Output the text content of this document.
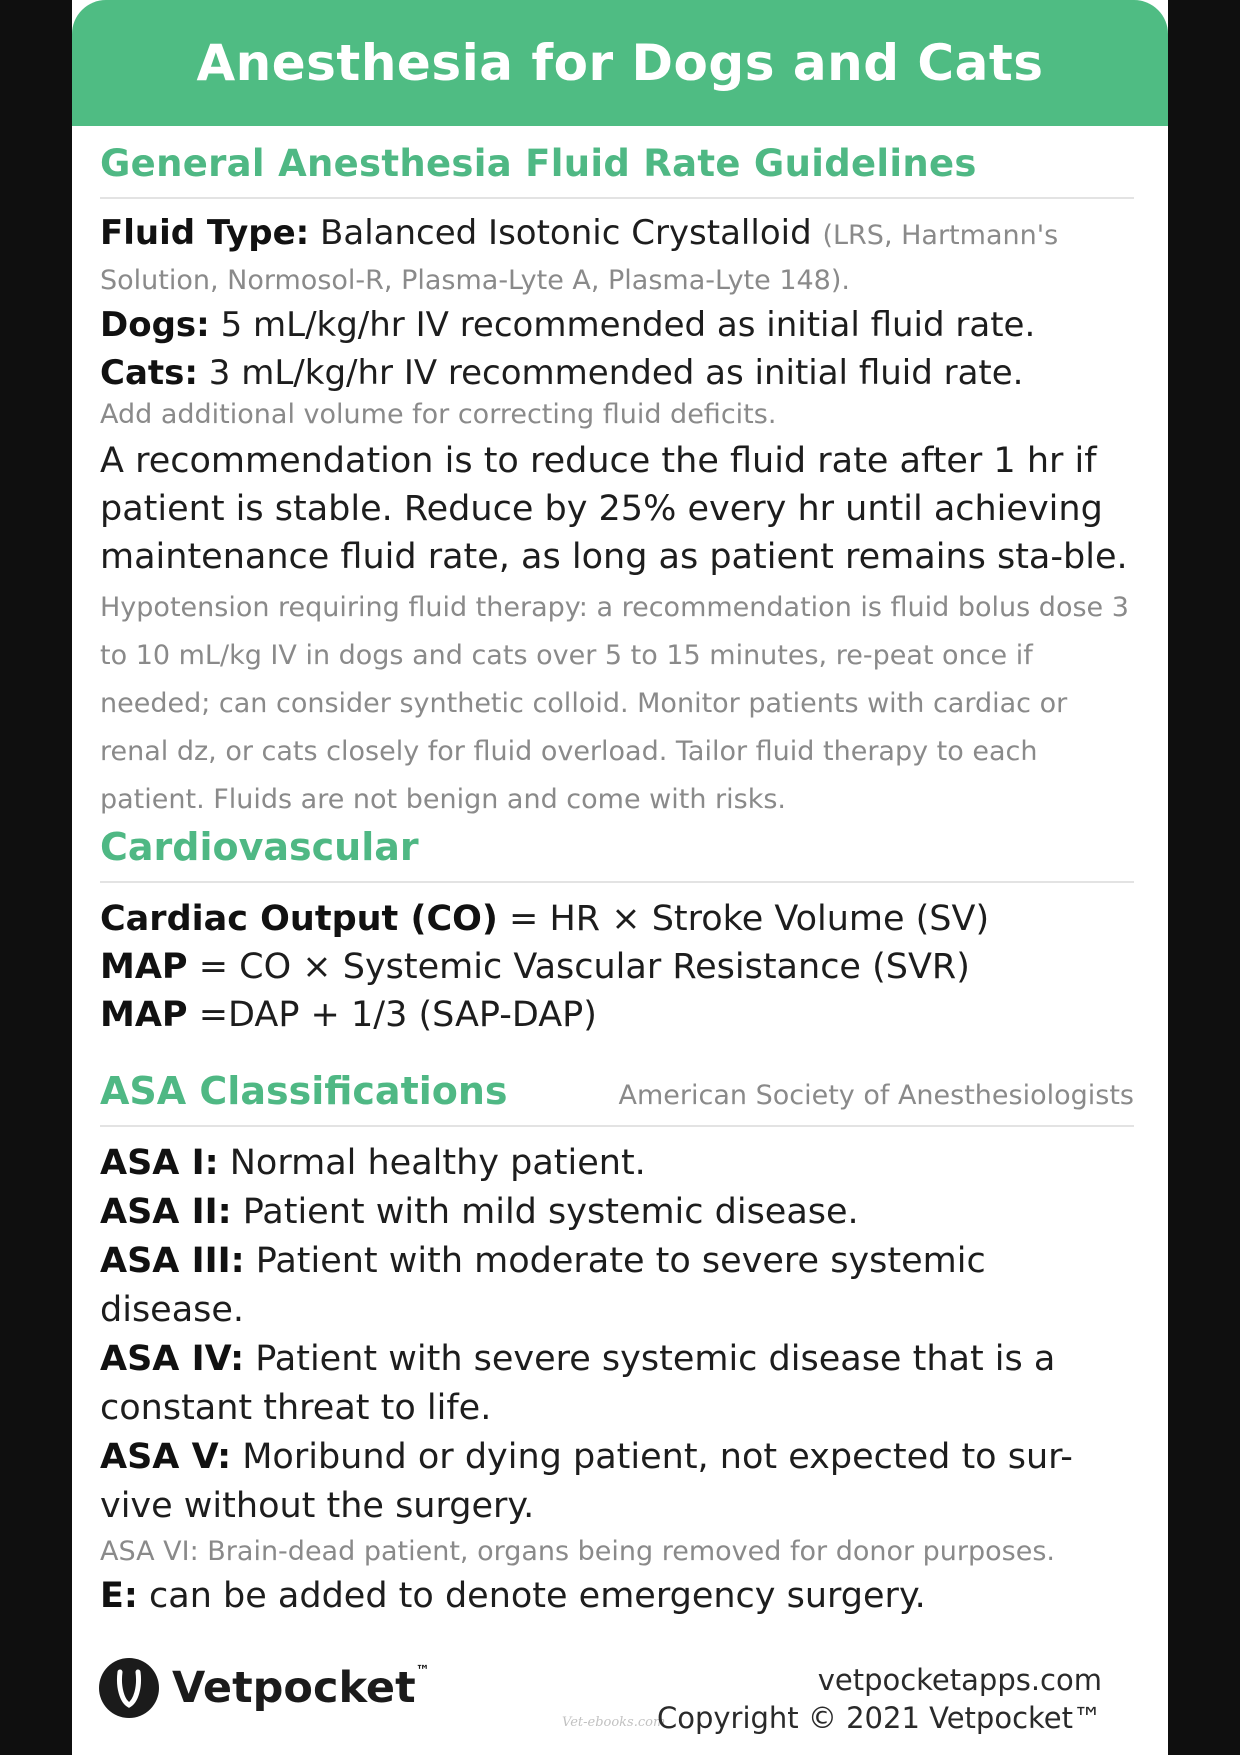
Anesthesia for Dogs and Cats
General Anesthesia Fluid Rate Guidelines

Fluid Type: Balanced Isotonic Crystalloid (LRS, Hartmann's Solution, Normosol-R, Plasma-Lyte A, Plasma-Lyte 148).

Dogs: 5 mL/kg/hr IV recommended as initial fluid rate.

Cats: 3 mL/kg/hr IV recommended as initial fluid rate.

Add additional volume for correcting fluid deficits.

A recommendation is to reduce the fluid rate after 1 hr if patient is stable. Reduce by 25% every hr until achieving maintenance fluid rate, as long as patient remains sta-ble. Hypotension requiring fluid therapy: a recommendation is fluid bolus dose 3 to 10 mL/kg IV in dogs and cats over 5 to 15 minutes, re-peat once if needed; can consider synthetic colloid. Monitor patients with cardiac or renal dz, or cats closely for fluid overload. Tailor fluid therapy to each patient. Fluids are not benign and come with risks.

Cardiovascular

Cardiac Output (CO) = HR × Stroke Volume (SV)

MAP = CO × Systemic Vascular Resistance (SVR)

MAP =DAP + 1/3 (SAP-DAP)

ASA Classifications	American Society of Anesthesiologists

ASA I: Normal healthy patient.

ASA II: Patient with mild systemic disease.

ASA III: Patient with moderate to severe systemic disease.

ASA IV: Patient with severe systemic disease that is a constant threat to life.

ASA V: Moribund or dying patient, not expected to sur-vive without the surgery.

ASA VI: Brain-dead patient, organs being removed for donor purposes.

E: can be added to denote emergency surgery.

Vetpocket™
Vet-ebooks.com
vetpocketapps.com
Copyright © 2021 Vetpocket™
